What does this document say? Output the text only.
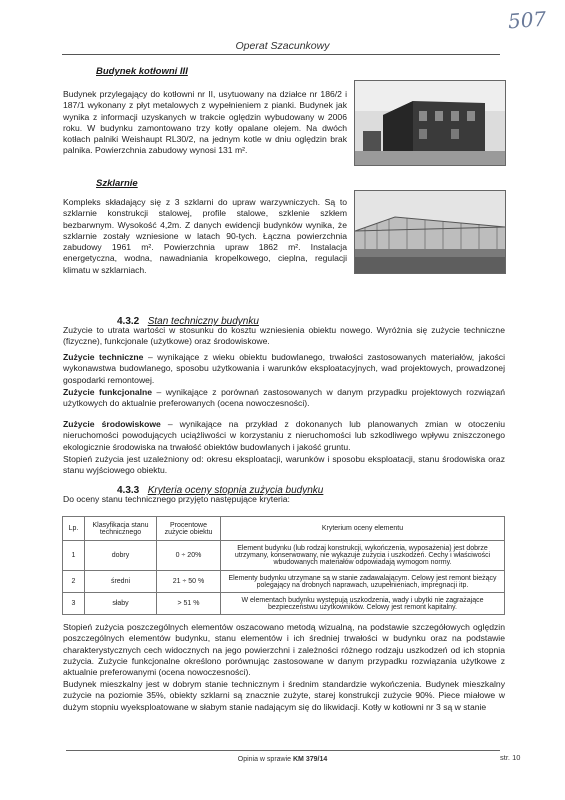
507
Operat Szacunkowy
Budynek kotłowni III
Budynek przylegający do kotłowni nr II, usytuowany na działce nr 186/2 i 187/1 wykonany z płyt metalowych z wypełnieniem z pianki. Budynek jak wynika z informacji uzyskanych w trakcie oględzin wybudowany w 2006 roku. W budynku zamontowano trzy kotły opalane olejem. Na dwóch kotłach palniki Weishaupt RL30/2, na jednym kotle w dniu oględzin brak palnika. Powierzchnia zabudowy wynosi 131 m².
Szklarnie
Kompleks składający się z 3 szklarni do upraw warzywniczych. Są to szklarnie konstrukcji stalowej, profile stalowe, szklenie szkłem bezbarwnym. Wysokość 4,2m. Z danych ewidencji budynków wynika, że szklarnie zostały wzniesione w latach 90-tych. Łączna powierzchnia zabudowy 1961 m². Powierzchnia upraw 1862 m². Instalacja energetyczna, wodna, nawadniania kropelkowego, cieplna, regulacji klimatu w szklarniach.
4.3.2 Stan techniczny budynku
Zużycie to utrata wartości w stosunku do kosztu wzniesienia obiektu nowego. Wyróżnia się zużycie techniczne (fizyczne), funkcjonale (użytkowe) oraz środowiskowe.
Zużycie techniczne – wynikające z wieku obiektu budowlanego, trwałości zastosowanych materiałów, jakości wykonawstwa budowlanego, sposobu użytkowania i warunków eksploatacyjnych, wad projektowych, prowadzonej gospodarki remontowej.
Zużycie funkcjonalne – wynikające z porównań zastosowanych w danym przypadku projektowych rozwiązań użytkowych do aktualnie preferowanych (ocena nowoczesności).
Zużycie środowiskowe – wynikające na przykład z dokonanych lub planowanych zmian w otoczeniu nieruchomości powodujących uciążliwości w korzystaniu z nieruchomości lub szkodliwego wpływu zniszczonego ekologicznie środowiska na trwałość obiektów budowlanych i jakość gruntu.
Stopień zużycia jest uzależniony od: okresu eksploatacji, warunków i sposobu eksploatacji, stanu środowiska oraz stanu wyjściowego obiektu.
4.3.3 Kryteria oceny stopnia zużycia budynku
Do oceny stanu technicznego przyjęto następujące kryteria:
Lp.	Klasyfikacja stanu technicznego	Procentowe zużycie obiektu	Kryterium oceny elementu
1	dobry	0 ÷ 20%	Element budynku (lub rodzaj konstrukcji, wykończenia, wyposażenia) jest dobrze utrzymany, konserwowany, nie wykazuje zużycia i uszkodzeń. Cechy i właściwości wbudowanych materiałów odpowiadają wymogom normy.
2	średni	21 ÷ 50 %	Elementy budynku utrzymane są w stanie zadawalającym. Celowy jest remont bieżący polegający na drobnych naprawach, uzupełnieniach, impregnacji itp.
3	słaby	> 51 %	W elementach budynku występują uszkodzenia, wady i ubytki nie zagrażające bezpieczeństwu użytkowników. Celowy jest remont kapitalny.
Stopień zużycia poszczególnych elementów oszacowano metodą wizualną, na podstawie szczegółowych oględzin poszczególnych elementów budynku, stanu elementów i ich średniej trwałości w budynku oraz na podstawie charakterystycznych cech widocznych na jego powierzchni i zależności różnego rodzaju uszkodzeń od ich stopnia zużycia. Zużycie funkcjonalne określono porównując zastosowane w danym przypadku rozwiązania użytkowe z aktualnie preferowanymi (ocena nowoczesności).
Budynek mieszkalny jest w dobrym stanie technicznym i średnim standardzie wykończenia. Budynek mieszkalny zużycie na poziomie 35%, obiekty szklarni są znacznie zużyte, starej konstrukcji zużycie 90%. Piece miałowe w dużym stopniu wyeksploatowane w słabym stanie nadającym się do likwidacji. Kotły w kotłowni nr 3 są w stanie
Opinia w sprawie KM 379/14	str. 10
